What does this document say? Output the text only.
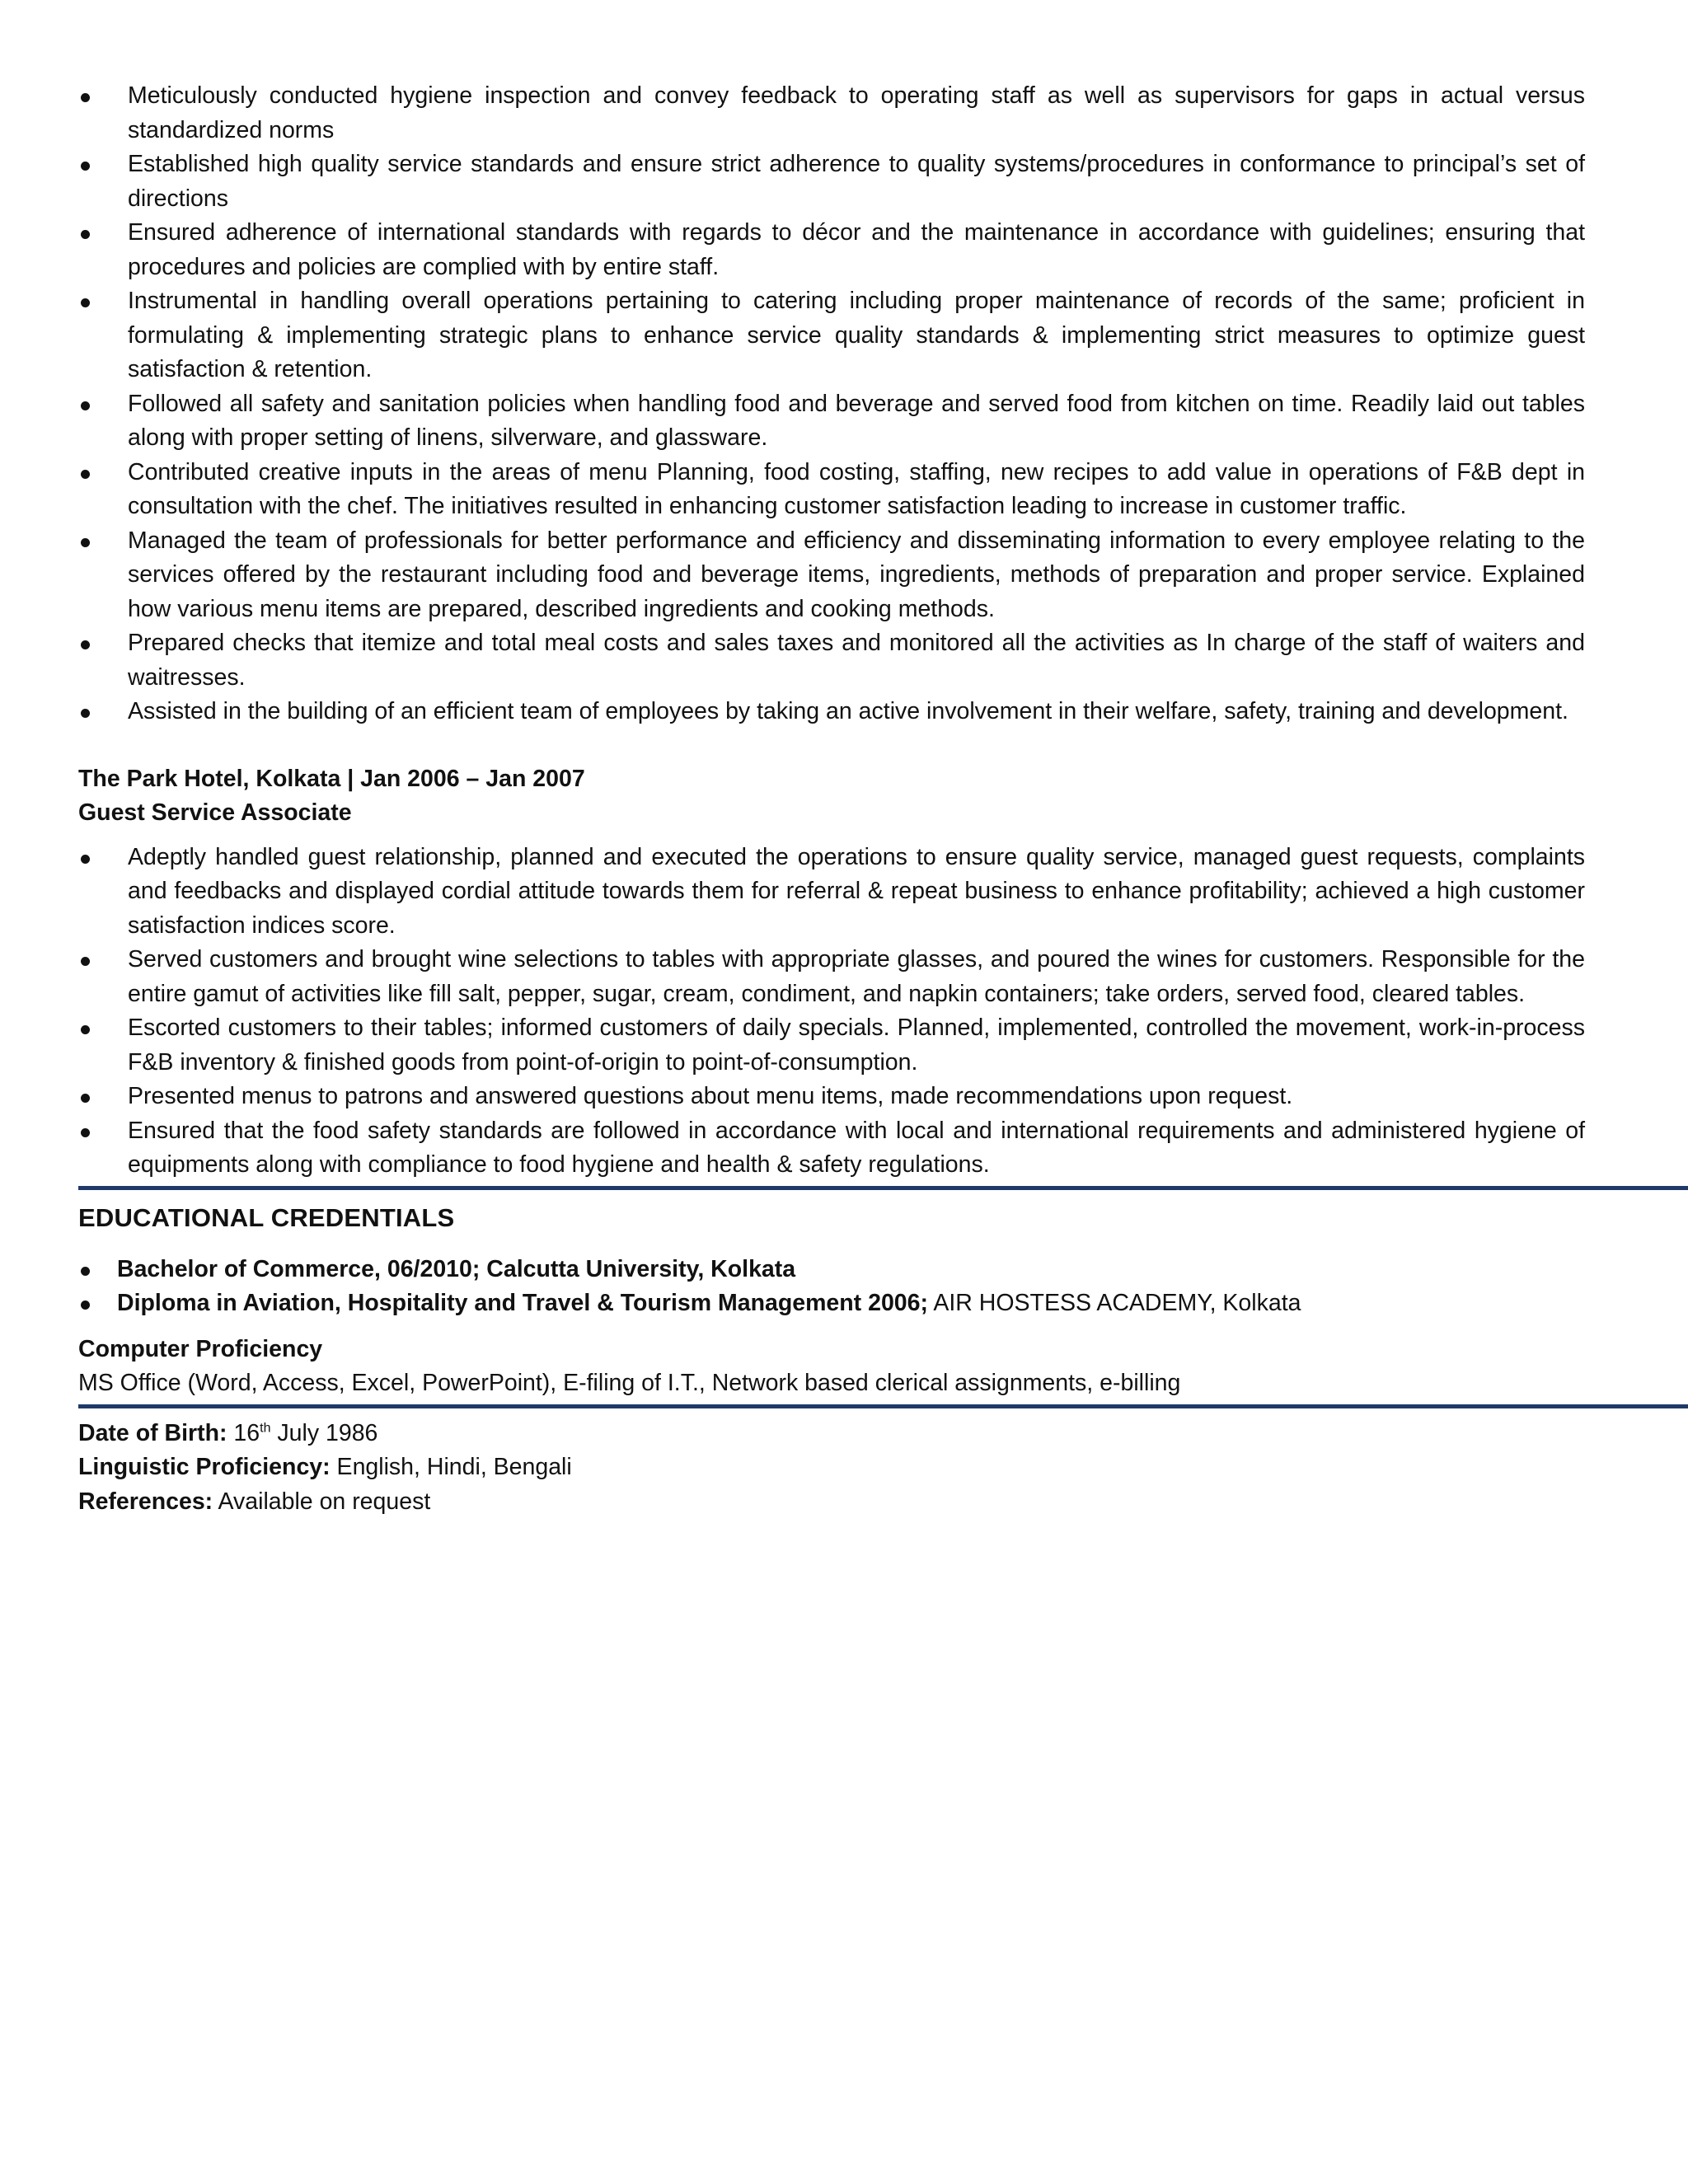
Meticulously conducted hygiene inspection and convey feedback to operating staff as well as supervisors for gaps in actual versus standardized norms
Established high quality service standards and ensure strict adherence to quality systems/procedures in conformance to principal’s set of directions
Ensured adherence of international standards with regards to décor and the maintenance in accordance with guidelines; ensuring that procedures and policies are complied with by entire staff.
Instrumental in handling overall operations pertaining to catering including proper maintenance of records of the same; proficient in formulating & implementing strategic plans to enhance service quality standards & implementing strict measures to optimize guest satisfaction & retention.
Followed all safety and sanitation policies when handling food and beverage and served food from kitchen on time. Readily laid out tables along with proper setting of linens, silverware, and glassware.
Contributed creative inputs in the areas of menu Planning, food costing, staffing, new recipes to add value in operations of F&B dept in consultation with the chef. The initiatives resulted in enhancing customer satisfaction leading to increase in customer traffic.
Managed the team of professionals for better performance and efficiency and disseminating information to every employee relating to the services offered by the restaurant including food and beverage items, ingredients, methods of preparation and proper service. Explained how various menu items are prepared, described ingredients and cooking methods.
Prepared checks that itemize and total meal costs and sales taxes and monitored all the activities as In charge of the staff of waiters and waitresses.
Assisted in the building of an efficient team of employees by taking an active involvement in their welfare, safety, training and development.
The Park Hotel, Kolkata | Jan 2006 – Jan 2007
Guest Service Associate
Adeptly handled guest relationship, planned and executed the operations to ensure quality service, managed guest requests, complaints and feedbacks and displayed cordial attitude towards them for referral & repeat business to enhance profitability; achieved a high customer satisfaction indices score.
Served customers and brought wine selections to tables with appropriate glasses, and poured the wines for customers. Responsible for the entire gamut of activities like fill salt, pepper, sugar, cream, condiment, and napkin containers; take orders, served food, cleared tables.
Escorted customers to their tables; informed customers of daily specials. Planned, implemented, controlled the movement, work-in-process F&B inventory & finished goods from point-of-origin to point-of-consumption.
Presented menus to patrons and answered questions about menu items, made recommendations upon request.
Ensured that the food safety standards are followed in accordance with local and international requirements and administered hygiene of equipments along with compliance to food hygiene and health & safety regulations.
EDUCATIONAL CREDENTIALS
Bachelor of Commerce, 06/2010; Calcutta University, Kolkata
Diploma in Aviation, Hospitality and Travel & Tourism Management 2006; AIR HOSTESS ACADEMY, Kolkata
Computer Proficiency
MS Office (Word, Access, Excel, PowerPoint), E-filing of I.T., Network based clerical assignments, e-billing
Date of Birth: 16th July 1986
Linguistic Proficiency: English, Hindi, Bengali
References: Available on request
